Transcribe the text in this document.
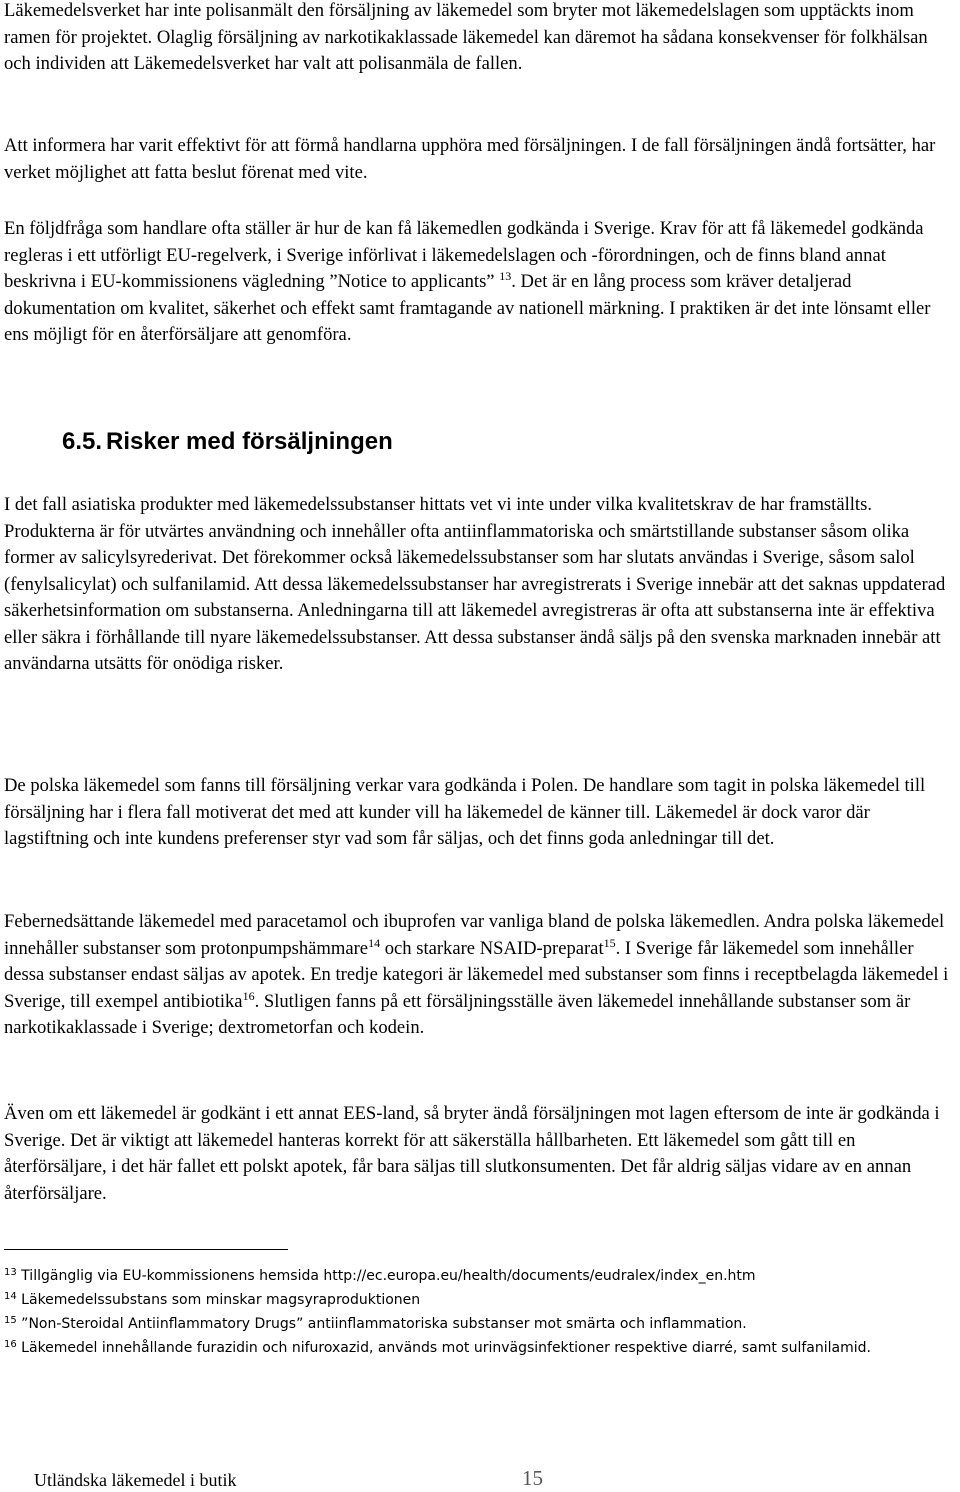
Läkemedelsverket har inte polisanmält den försäljning av läkemedel som bryter mot läkemedelslagen som upptäckts inom ramen för projektet. Olaglig försäljning av narkotikaklassade läkemedel kan däremot ha sådana konsekvenser för folkhälsan och individen att Läkemedelsverket har valt att polisanmäla de fallen.

Att informera har varit effektivt för att förmå handlarna upphöra med försäljningen. I de fall försäljningen ändå fortsätter, har verket möjlighet att fatta beslut förenat med vite.

En följdfråga som handlare ofta ställer är hur de kan få läkemedlen godkända i Sverige. Krav för att få läkemedel godkända regleras i ett utförligt EU-regelverk, i Sverige införlivat i läkemedelslagen och -förordningen, och de finns bland annat beskrivna i EU-kommissionens vägledning ”Notice to applicants” $^{13}$. Det är en lång process som kräver detaljerad dokumentation om kvalitet, säkerhet och effekt samt framtagande av nationell märkning. I praktiken är det inte lönsamt eller ens möjligt för en återförsäljare att genomföra.

6.5. Risker med försäljningen

I det fall asiatiska produkter med läkemedelssubstanser hittats vet vi inte under vilka kvalitetskrav de har framställts. Produkterna är för utvärtes användning och innehåller ofta antiinflammatoriska och smärtstillande substanser såsom olika former av salicylsyrederivat. Det förekommer också läkemedelssubstanser som har slutats användas i Sverige, såsom salol (fenylsalicylat) och sulfanilamid. Att dessa läkemedelssubstanser har avregistrerats i Sverige innebär att det saknas uppdaterad säkerhetsinformation om substanserna. Anledningarna till att läkemedel avregistreras är ofta att substanserna inte är effektiva eller säkra i förhållande till nyare läkemedelssubstanser. Att dessa substanser ändå säljs på den svenska marknaden innebär att användarna utsätts för onödiga risker.

De polska läkemedel som fanns till försäljning verkar vara godkända i Polen. De handlare som tagit in polska läkemedel till försäljning har i flera fall motiverat det med att kunder vill ha läkemedel de känner till. Läkemedel är dock varor där lagstiftning och inte kundens preferenser styr vad som får säljas, och det finns goda anledningar till det.

Febernedsättande läkemedel med paracetamol och ibuprofen var vanliga bland de polska läkemedlen. Andra polska läkemedel innehåller substanser som protonpumpshämmare$^{14}$ och starkare NSAID-preparat$^{15}$. I Sverige får läkemedel som innehåller dessa substanser endast säljas av apotek. En tredje kategori är läkemedel med substanser som finns i receptbelagda läkemedel i Sverige, till exempel antibiotika$^{16}$. Slutligen fanns på ett försäljningsställe även läkemedel innehållande substanser som är narkotikaklassade i Sverige; dextrometorfan och kodein.

Även om ett läkemedel är godkänt i ett annat EES-land, så bryter ändå försäljningen mot lagen eftersom de inte är godkända i Sverige. Det är viktigt att läkemedel hanteras korrekt för att säkerställa hållbarheten. Ett läkemedel som gått till en återförsäljare, i det här fallet ett polskt apotek, får bara säljas till slutkonsumenten. Det får aldrig säljas vidare av en annan återförsäljare.

$^{13}$ Tillgänglig via EU-kommissionens hemsida http://ec.europa.eu/health/documents/eudralex/index_en.htm

$^{14}$ Läkemedelssubstans som minskar magsyraproduktionen

$^{15}$ ”Non-Steroidal Antiinflammatory Drugs” antiinflammatoriska substanser mot smärta och inflammation.

$^{16}$ Läkemedel innehållande furazidin och nifuroxazid, används mot urinvägsinfektioner respektive diarré, samt sulfanilamid.

Utländska läkemedel i butik	15
